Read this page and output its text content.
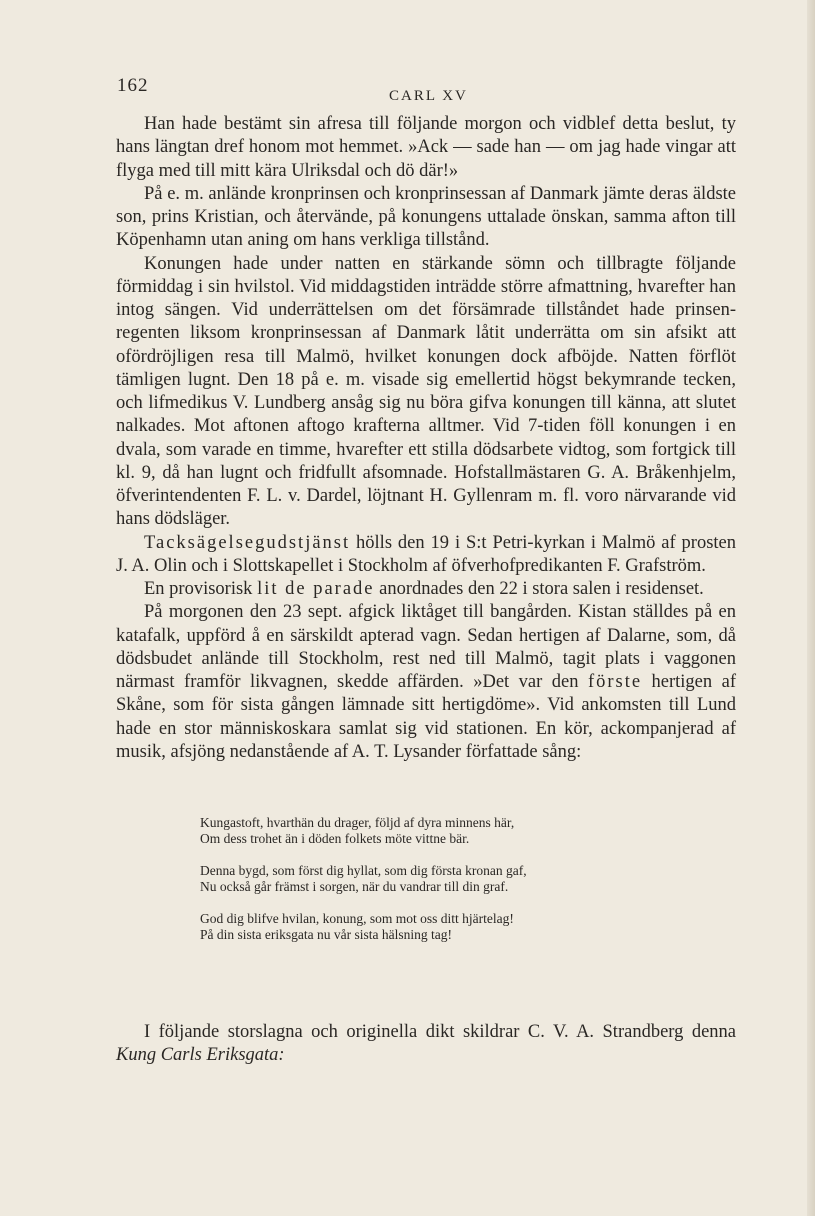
162	CARL XV

Han hade bestämt sin afresa till följande morgon och vidblef detta beslut, ty hans längtan dref honom mot hemmet. »Ack — sade han — om jag hade vingar att flyga med till mitt kära Ulriksdal och dö där!»

På e. m. anlände kronprinsen och kronprinsessan af Danmark jämte deras äldste son, prins Kristian, och återvände, på konungens uttalade önskan, samma afton till Köpenhamn utan aning om hans verkliga tillstånd.

Konungen hade under natten en stärkande sömn och tillbragte följande förmiddag i sin hvilstol. Vid middagstiden inträdde större afmattning, hvarefter han intog sängen. Vid underrättelsen om det försämrade tillståndet hade prinsen-regenten liksom kronprinsessan af Danmark låtit underrätta om sin afsikt att ofördröjligen resa till Malmö, hvilket konungen dock afböjde. Natten förflöt tämligen lugnt. Den 18 på e. m. visade sig emellertid högst bekymrande tecken, och lifmedikus V. Lundberg ansåg sig nu böra gifva konungen till känna, att slutet nalkades. Mot aftonen aftogo krafterna alltmer. Vid 7-tiden föll konungen i en dvala, som varade en timme, hvarefter ett stilla dödsarbete vidtog, som fortgick till kl. 9, då han lugnt och fridfullt afsomnade. Hofstallmästaren G. A. Bråkenhjelm, öfverintendenten F. L. v. Dardel, löjtnant H. Gyllenram m. fl. voro närvarande vid hans dödsläger.

Tacksägelsegudstjänst hölls den 19 i S:t Petri-kyrkan i Malmö af prosten J. A. Olin och i Slottskapellet i Stockholm af öfverhofpredikanten F. Grafström.

En provisorisk lit de parade anordnades den 22 i stora salen i residenset.

På morgonen den 23 sept. afgick liktåget till bangården. Kistan ställdes på en katafalk, uppförd å en särskildt apterad vagn. Sedan hertigen af Dalarne, som, då dödsbudet anlände till Stockholm, rest ned till Malmö, tagit plats i vaggonen närmast framför likvagnen, skedde affärden. »Det var den förste hertigen af Skåne, som för sista gången lämnade sitt hertigdöme». Vid ankomsten till Lund hade en stor människoskara samlat sig vid stationen. En kör, ackompanjerad af musik, afsjöng nedanstående af A. T. Lysander författade sång:

Kungastoft, hvarthän du drager, följd af dyra minnens här,
Om dess trohet än i döden folkets möte vittne bär.
Denna bygd, som först dig hyllat, som dig första kronan gaf,
Nu också går främst i sorgen, när du vandrar till din graf.
God dig blifve hvilan, konung, som mot oss ditt hjärtelag!
På din sista eriksgata nu vår sista hälsning tag!

I följande storslagna och originella dikt skildrar C. V. A. Strandberg denna Kung Carls Eriksgata:
